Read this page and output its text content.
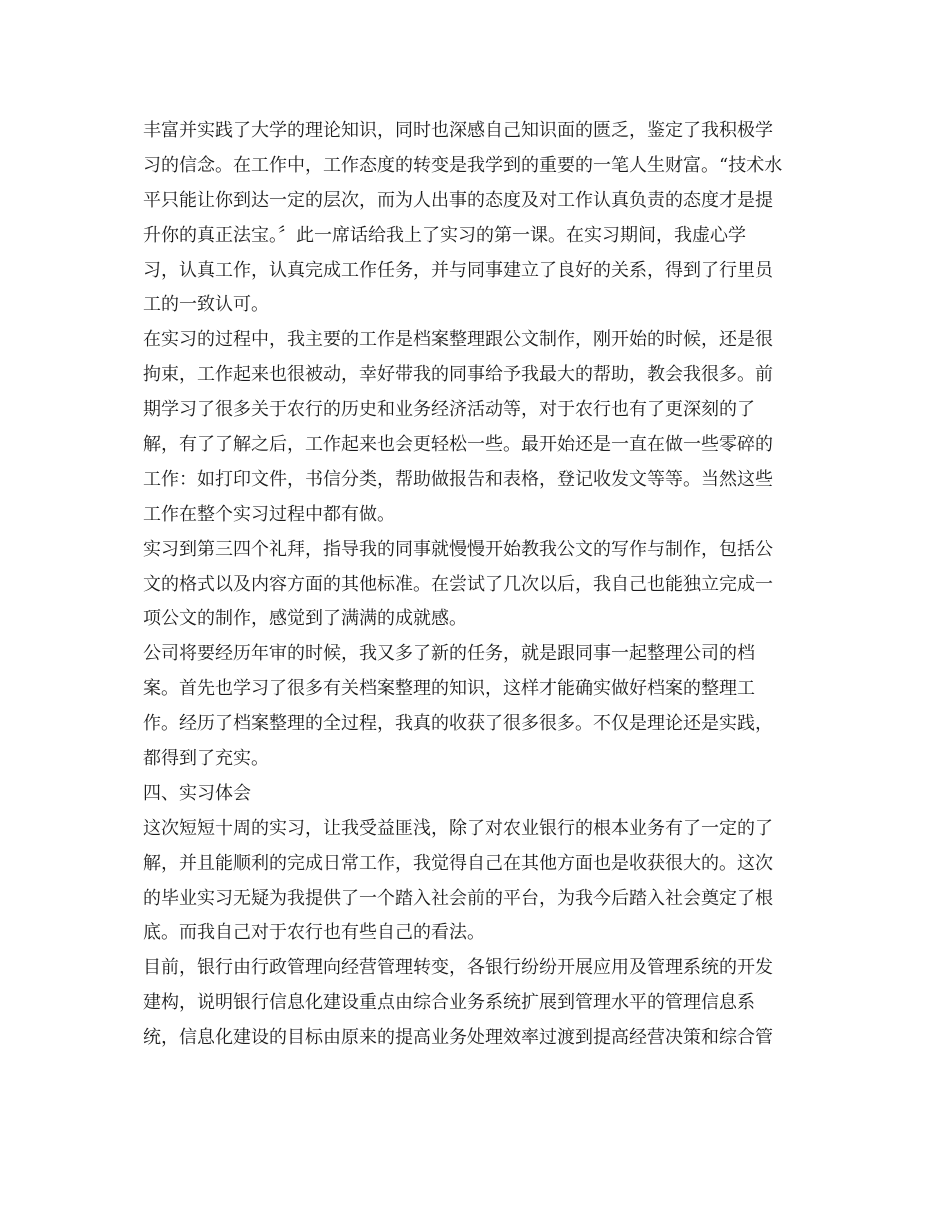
丰富并实践了大学的理论知识，同时也深感自己知识面的匮乏，鉴定了我积极学
习的信念。在工作中，工作态度的转变是我学到的重要的一笔人生财富。“技术水
平只能让你到达一定的层次，而为人出事的态度及对工作认真负责的态度才是提
升你的真正法宝。〞此一席话给我上了实习的第一课。在实习期间，我虚心学
习，认真工作，认真完成工作任务，并与同事建立了良好的关系，得到了行里员
工的一致认可。
在实习的过程中，我主要的工作是档案整理跟公文制作，刚开始的时候，还是很
拘束，工作起来也很被动，幸好带我的同事给予我最大的帮助，教会我很多。前
期学习了很多关于农行的历史和业务经济活动等，对于农行也有了更深刻的了
解，有了了解之后，工作起来也会更轻松一些。最开始还是一直在做一些零碎的
工作：如打印文件，书信分类，帮助做报告和表格，登记收发文等等。当然这些
工作在整个实习过程中都有做。
实习到第三四个礼拜，指导我的同事就慢慢开始教我公文的写作与制作，包括公
文的格式以及内容方面的其他标准。在尝试了几次以后，我自己也能独立完成一
项公文的制作，感觉到了满满的成就感。
公司将要经历年审的时候，我又多了新的任务，就是跟同事一起整理公司的档
案。首先也学习了很多有关档案整理的知识，这样才能确实做好档案的整理工
作。经历了档案整理的全过程，我真的收获了很多很多。不仅是理论还是实践，
都得到了充实。
四、实习体会
这次短短十周的实习，让我受益匪浅，除了对农业银行的根本业务有了一定的了
解，并且能顺利的完成日常工作，我觉得自己在其他方面也是收获很大的。这次
的毕业实习无疑为我提供了一个踏入社会前的平台，为我今后踏入社会奠定了根
底。而我自己对于农行也有些自己的看法。
目前，银行由行政管理向经营管理转变，各银行纷纷开展应用及管理系统的开发
建构，说明银行信息化建设重点由综合业务系统扩展到管理水平的管理信息系
统，信息化建设的目标由原来的提高业务处理效率过渡到提高经营决策和综合管
